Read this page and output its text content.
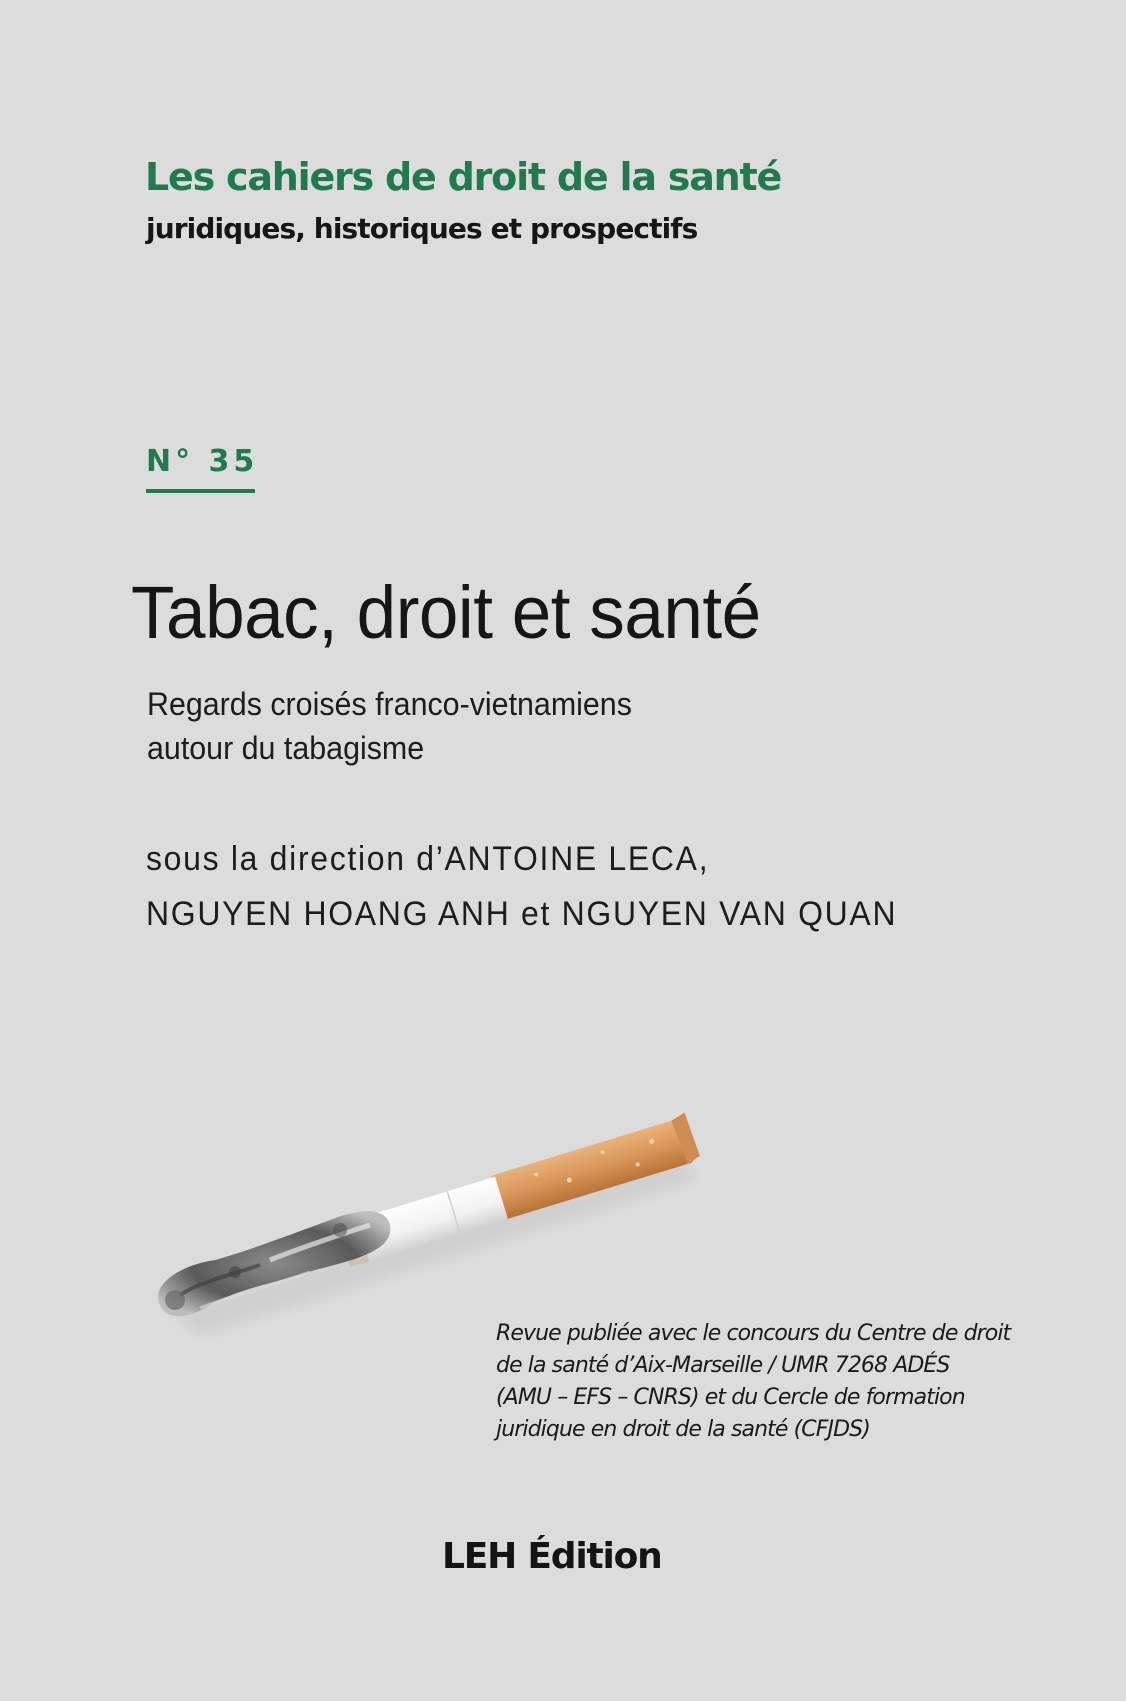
Les cahiers de droit de la santé
juridiques, historiques et prospectifs
N° 35
Tabac, droit et santé
Regards croisés franco-vietnamiens
autour du tabagisme
sous la direction d’ANTOINE LECA,
NGUYEN HOANG ANH et NGUYEN VAN QUAN
Revue publiée avec le concours du Centre de droit
de la santé d’Aix-Marseille / UMR 7268 ADÉS
(AMU – EFS – CNRS) et du Cercle de formation
juridique en droit de la santé (CFJDS)
LEH Édition
